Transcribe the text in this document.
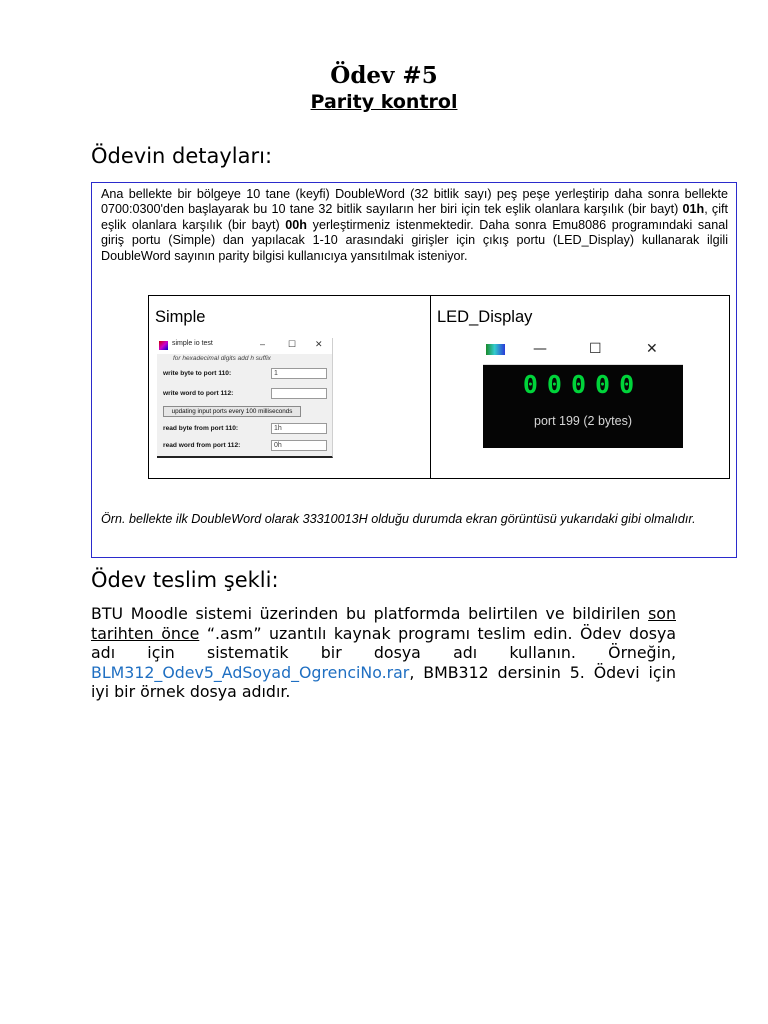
Ödev #5
Parity kontrol
Ödevin detayları:
Ana bellekte bir bölgeye 10 tane (keyfi) DoubleWord (32 bitlik sayı) peş peşe yerleştirip daha sonra bellekte 0700:0300'den başlayarak bu 10 tane 32 bitlik sayıların her biri için tek eşlik olanlara karşılık (bir bayt) 01h, çift eşlik olanlara karşılık (bir bayt) 00h yerleştirmeniz istenmektedir. Daha sonra Emu8086 programındaki sanal giriş portu (Simple) dan yapılacak 1-10 arasındaki girişler için çıkış portu (LED_Display) kullanarak ilgili DoubleWord sayının parity bilgisi kullanıcıya yansıtılmak isteniyor.
Simple	LED_Display
simple io test	–	☐ ✕
for hexadecimal digits add h suffix
write byte to port 110:	1
write word to port 112:
updating input ports every 100 milliseconds
read byte from port 110:	1h
read word from port 112:	0h
—	☐	✕
00000
port 199 (2 bytes)
Örn. bellekte ilk DoubleWord olarak 33310013H olduğu durumda ekran görüntüsü yukarıdaki gibi olmalıdır.
Ödev teslim şekli:
BTU Moodle sistemi üzerinden bu platformda belirtilen ve bildirilen son tarihten önce “.asm” uzantılı kaynak programı teslim edin. Ödev dosya adı için sistematik bir dosya adı kullanın. Örneğin, BLM312_Odev5_AdSoyad_OgrenciNo.rar, BMB312 dersinin 5. Ödevi için iyi bir örnek dosya adıdır.
